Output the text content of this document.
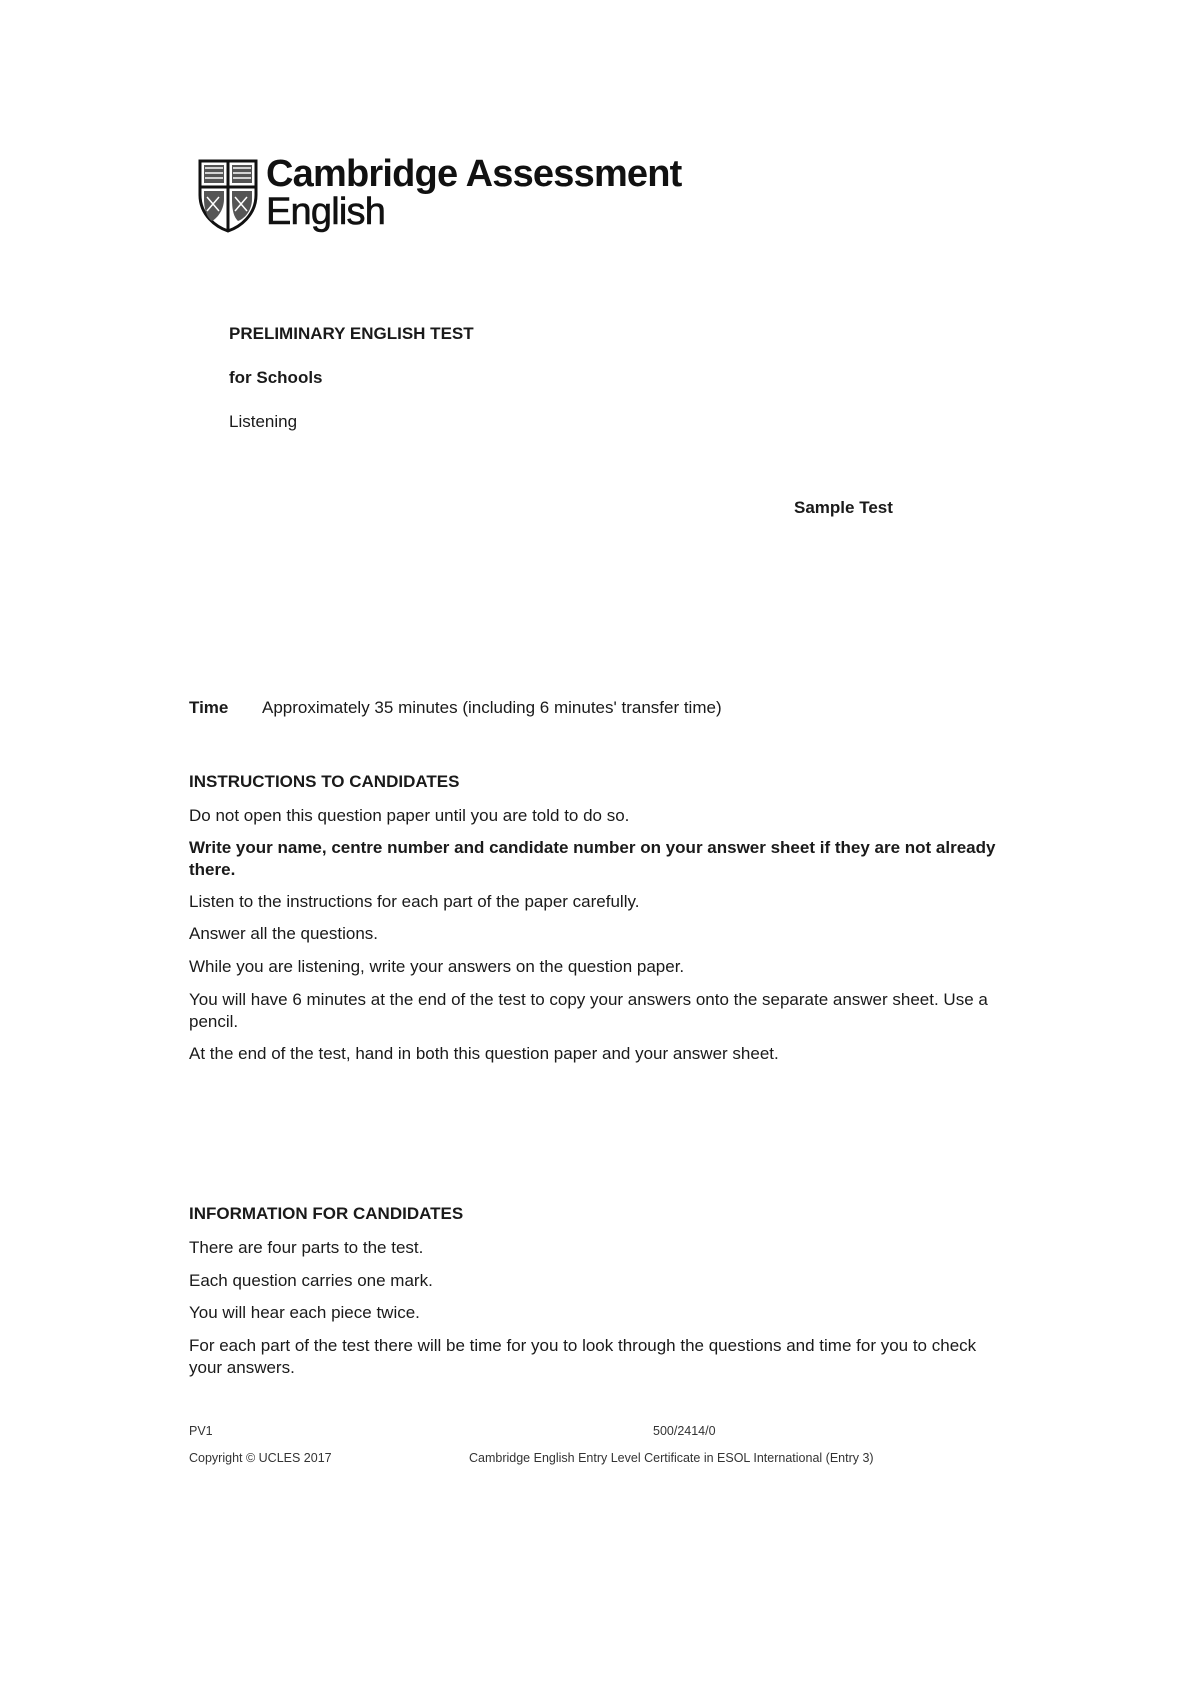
Cambridge Assessment
English
PRELIMINARY ENGLISH TEST
for Schools
Listening
Sample Test
Time Approximately 35 minutes (including 6 minutes' transfer time)
INSTRUCTIONS TO CANDIDATES
Do not open this question paper until you are told to do so.
Write your name, centre number and candidate number on your answer sheet if they are not already there.
Listen to the instructions for each part of the paper carefully.
Answer all the questions.
While you are listening, write your answers on the question paper.
You will have 6 minutes at the end of the test to copy your answers onto the separate answer sheet. Use a pencil.
At the end of the test, hand in both this question paper and your answer sheet.
INFORMATION FOR CANDIDATES
There are four parts to the test.
Each question carries one mark.
You will hear each piece twice.
For each part of the test there will be time for you to look through the questions and time for you to check your answers.
PV1	500/2414/0
Copyright © UCLES 2017	Cambridge English Entry Level Certificate in ESOL International (Entry 3)
